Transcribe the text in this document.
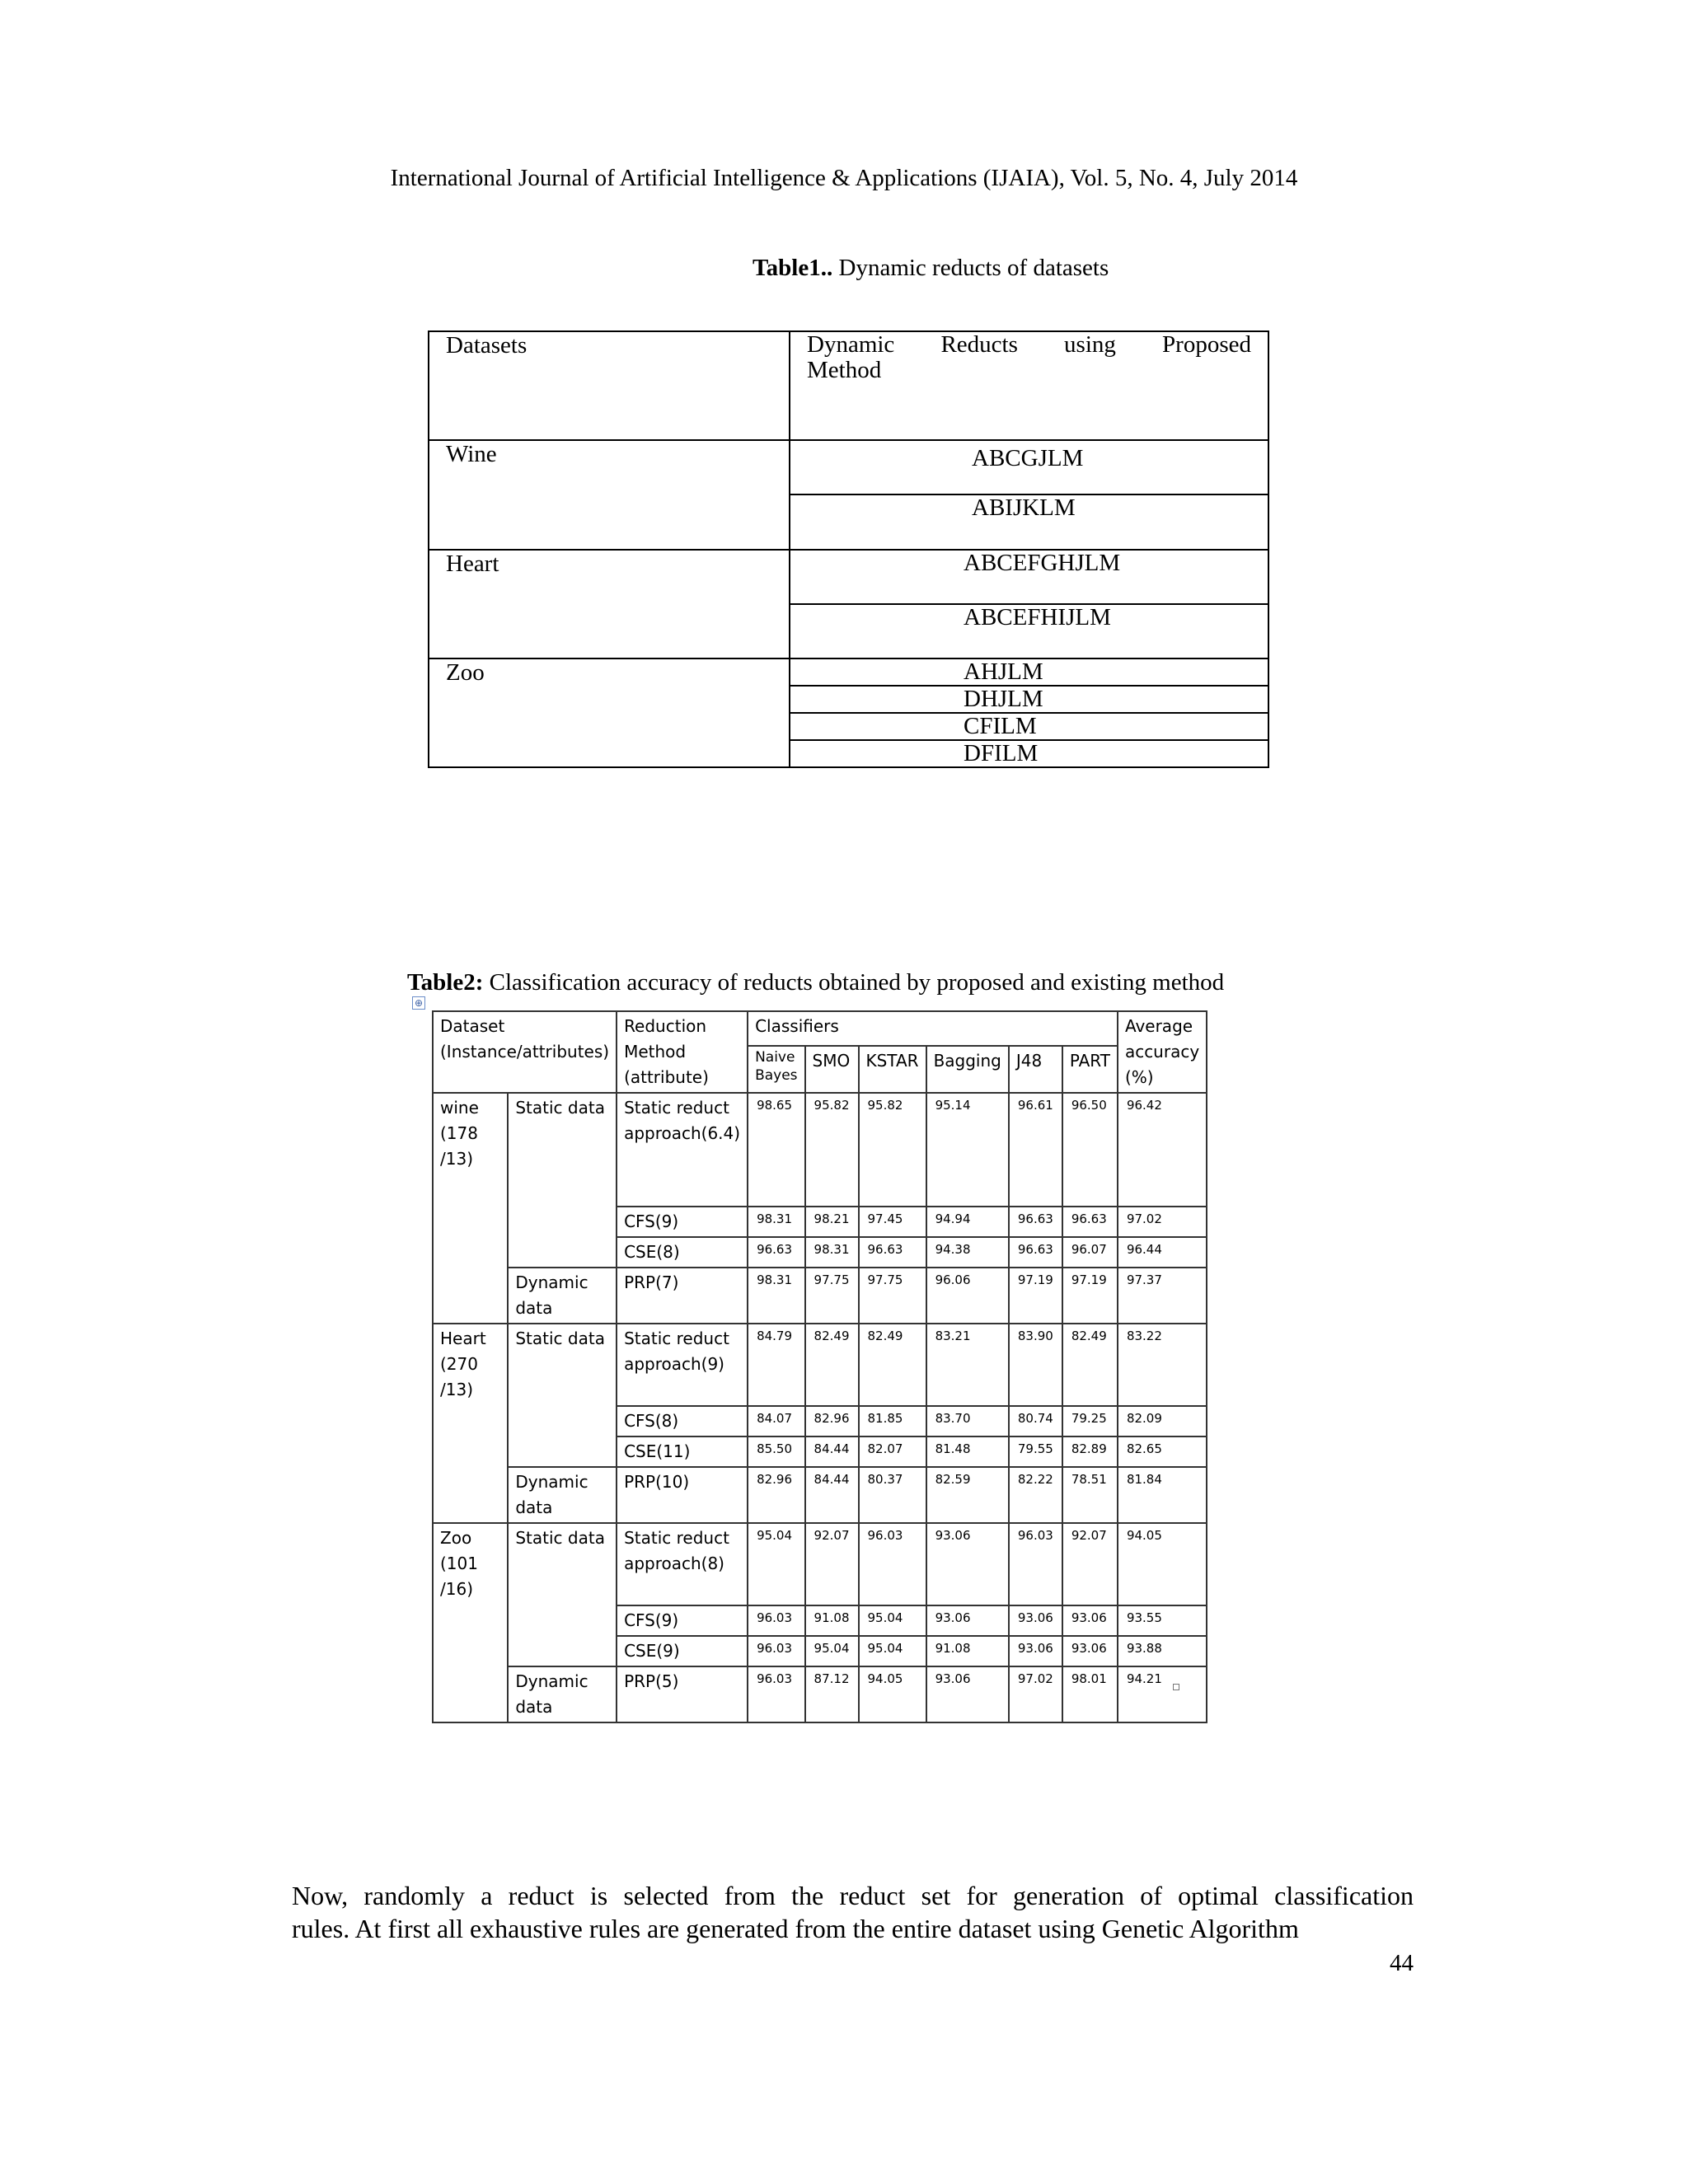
International Journal of Artificial Intelligence & Applications (IJAIA), Vol. 5, No. 4, July 2014
Table1.. Dynamic reducts of datasets
Datasets	Dynamic Reducts using Proposed
Method

Wine	ABCGJLM
	ABIJKLM
Heart	ABCEFGHJLM
	ABCEFHIJLM
Zoo	AHJLM
	DHJLM
	CFILM
	DFILM
Table2: Classification accuracy of reducts obtained by proposed and existing method
⊕
Dataset (Instance/attributes)		Reduction Method (attribute)	Classifiers						Average accuracy (%)
			Naive Bayes	SMO	KSTAR	Bagging	J48	PART	
wine (178 /13)	Static data	Static reduct approach(6.4)	98.65	95.82	95.82	95.14	96.61	96.50	96.42
		CFS(9)	98.31	98.21	97.45	94.94	96.63	96.63	97.02
		CSE(8)	96.63	98.31	96.63	94.38	96.63	96.07	96.44
	Dynamic data	PRP(7)	98.31	97.75	97.75	96.06	97.19	97.19	97.37
Heart (270 /13)	Static data	Static reduct approach(9)	84.79	82.49	82.49	83.21	83.90	82.49	83.22
		CFS(8)	84.07	82.96	81.85	83.70	80.74	79.25	82.09
		CSE(11)	85.50	84.44	82.07	81.48	79.55	82.89	82.65
	Dynamic data	PRP(10)	82.96	84.44	80.37	82.59	82.22	78.51	81.84
Zoo (101 /16)	Static data	Static reduct approach(8)	95.04	92.07	96.03	93.06	96.03	92.07	94.05
		CFS(9)	96.03	91.08	95.04	93.06	93.06	93.06	93.55
		CSE(9)	96.03	95.04	95.04	91.08	93.06	93.06	93.88
	Dynamic data	PRP(5)	96.03	87.12	94.05	93.06	97.02	98.01	94.21
Now, randomly a reduct is selected from the reduct set for generation of optimal classification
rules. At first all exhaustive rules are generated from the entire dataset using Genetic Algorithm
44
